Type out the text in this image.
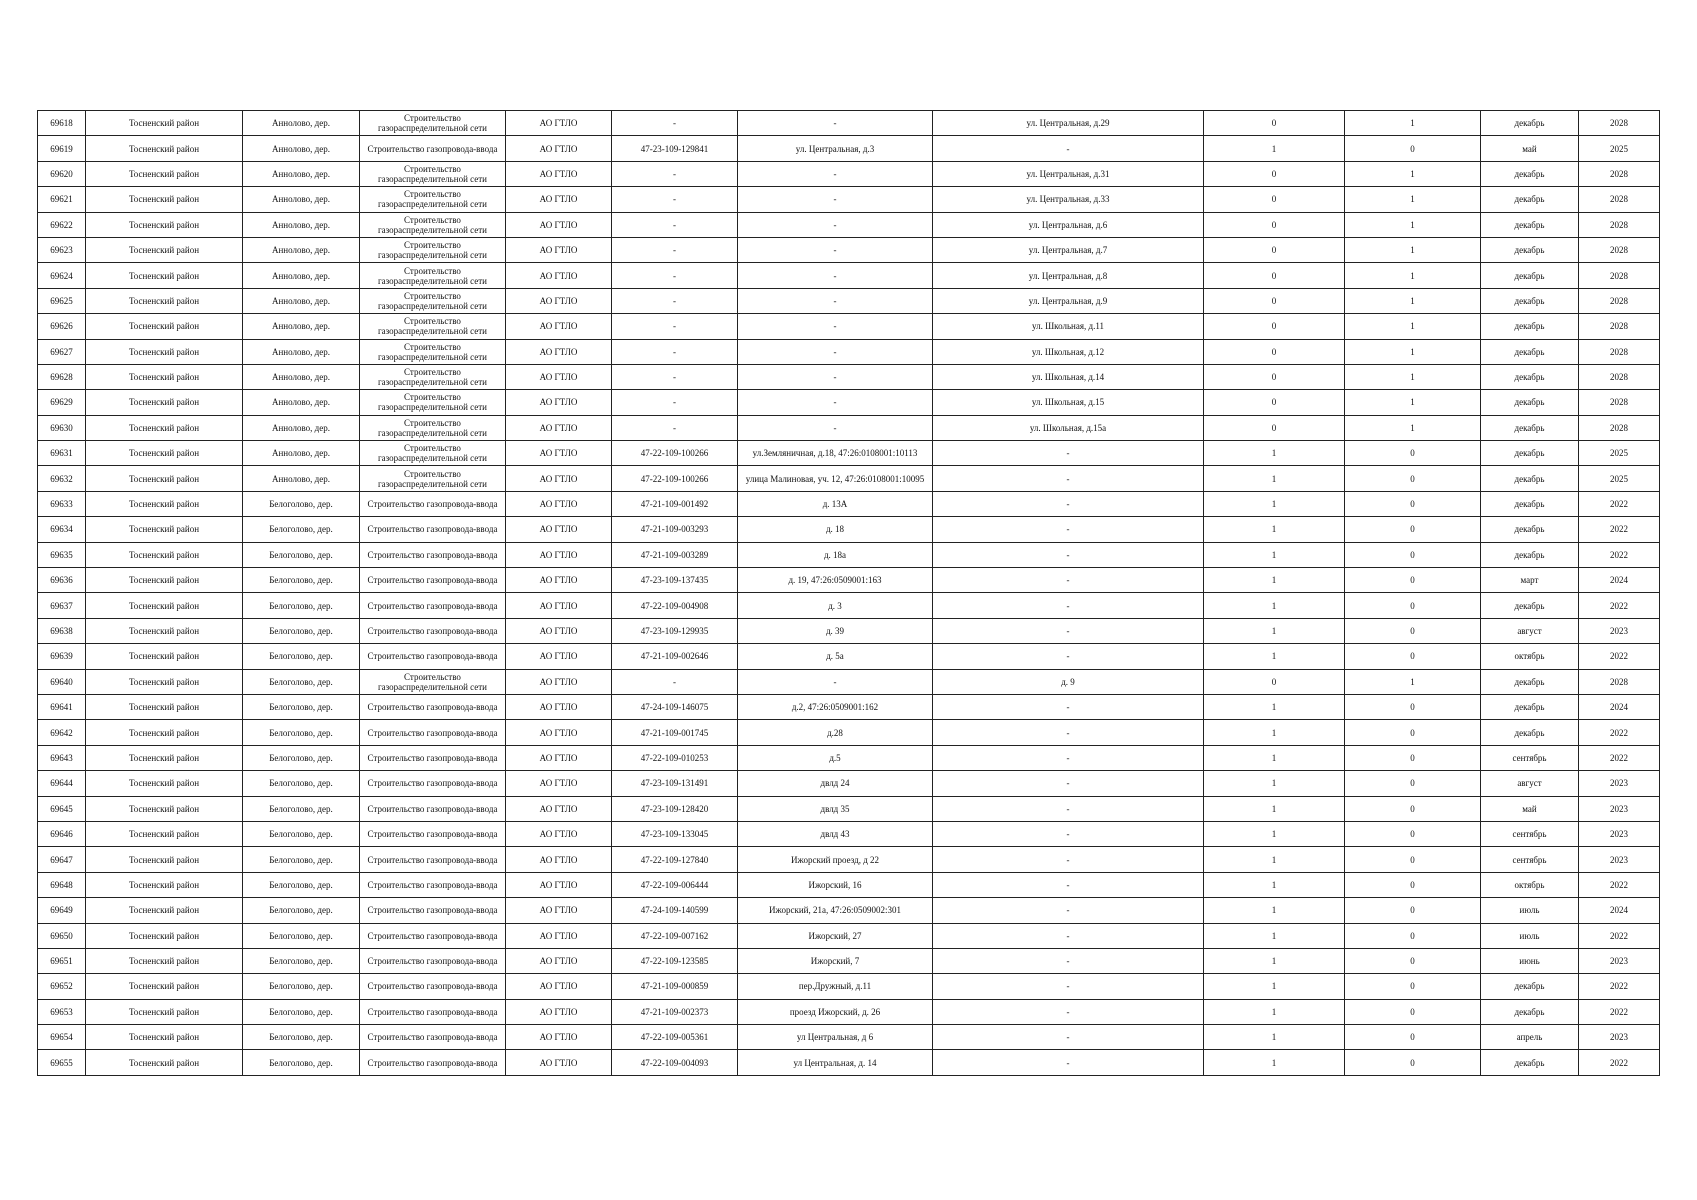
69618	Тосненский район	Аннолово, дер.	Строительство газораспределительной сети	АО ГТЛО	-	-	ул. Центральная, д.29	0	1	декабрь	2028
69619	Тосненский район	Аннолово, дер.	Строительство газопровода-ввода	АО ГТЛО	47-23-109-129841	ул. Центральная, д.3	-	1	0	май	2025
69620	Тосненский район	Аннолово, дер.	Строительство газораспределительной сети	АО ГТЛО	-	-	ул. Центральная, д.31	0	1	декабрь	2028
69621	Тосненский район	Аннолово, дер.	Строительство газораспределительной сети	АО ГТЛО	-	-	ул. Центральная, д.33	0	1	декабрь	2028
69622	Тосненский район	Аннолово, дер.	Строительство газораспределительной сети	АО ГТЛО	-	-	ул. Центральная, д.6	0	1	декабрь	2028
69623	Тосненский район	Аннолово, дер.	Строительство газораспределительной сети	АО ГТЛО	-	-	ул. Центральная, д.7	0	1	декабрь	2028
69624	Тосненский район	Аннолово, дер.	Строительство газораспределительной сети	АО ГТЛО	-	-	ул. Центральная, д.8	0	1	декабрь	2028
69625	Тосненский район	Аннолово, дер.	Строительство газораспределительной сети	АО ГТЛО	-	-	ул. Центральная, д.9	0	1	декабрь	2028
69626	Тосненский район	Аннолово, дер.	Строительство газораспределительной сети	АО ГТЛО	-	-	ул. Школьная, д.11	0	1	декабрь	2028
69627	Тосненский район	Аннолово, дер.	Строительство газораспределительной сети	АО ГТЛО	-	-	ул. Школьная, д.12	0	1	декабрь	2028
69628	Тосненский район	Аннолово, дер.	Строительство газораспределительной сети	АО ГТЛО	-	-	ул. Школьная, д.14	0	1	декабрь	2028
69629	Тосненский район	Аннолово, дер.	Строительство газораспределительной сети	АО ГТЛО	-	-	ул. Школьная, д.15	0	1	декабрь	2028
69630	Тосненский район	Аннолово, дер.	Строительство газораспределительной сети	АО ГТЛО	-	-	ул. Школьная, д.15а	0	1	декабрь	2028
69631	Тосненский район	Аннолово, дер.	Строительство газораспределительной сети	АО ГТЛО	47-22-109-100266	ул.Земляничная, д.18, 47:26:0108001:10113	-	1	0	декабрь	2025
69632	Тосненский район	Аннолово, дер.	Строительство газораспределительной сети	АО ГТЛО	47-22-109-100266	улица Малиновая, уч. 12, 47:26:0108001:10095	-	1	0	декабрь	2025
69633	Тосненский район	Белоголово, дер.	Строительство газопровода-ввода	АО ГТЛО	47-21-109-001492	д. 13А	-	1	0	декабрь	2022
69634	Тосненский район	Белоголово, дер.	Строительство газопровода-ввода	АО ГТЛО	47-21-109-003293	д. 18	-	1	0	декабрь	2022
69635	Тосненский район	Белоголово, дер.	Строительство газопровода-ввода	АО ГТЛО	47-21-109-003289	д. 18а	-	1	0	декабрь	2022
69636	Тосненский район	Белоголово, дер.	Строительство газопровода-ввода	АО ГТЛО	47-23-109-137435	д. 19, 47:26:0509001:163	-	1	0	март	2024
69637	Тосненский район	Белоголово, дер.	Строительство газопровода-ввода	АО ГТЛО	47-22-109-004908	д. 3	-	1	0	декабрь	2022
69638	Тосненский район	Белоголово, дер.	Строительство газопровода-ввода	АО ГТЛО	47-23-109-129935	д. 39	-	1	0	август	2023
69639	Тосненский район	Белоголово, дер.	Строительство газопровода-ввода	АО ГТЛО	47-21-109-002646	д. 5а	-	1	0	октябрь	2022
69640	Тосненский район	Белоголово, дер.	Строительство газораспределительной сети	АО ГТЛО	-	-	д. 9	0	1	декабрь	2028
69641	Тосненский район	Белоголово, дер.	Строительство газопровода-ввода	АО ГТЛО	47-24-109-146075	д.2, 47:26:0509001:162	-	1	0	декабрь	2024
69642	Тосненский район	Белоголово, дер.	Строительство газопровода-ввода	АО ГТЛО	47-21-109-001745	д.28	-	1	0	декабрь	2022
69643	Тосненский район	Белоголово, дер.	Строительство газопровода-ввода	АО ГТЛО	47-22-109-010253	д.5	-	1	0	сентябрь	2022
69644	Тосненский район	Белоголово, дер.	Строительство газопровода-ввода	АО ГТЛО	47-23-109-131491	двлд 24	-	1	0	август	2023
69645	Тосненский район	Белоголово, дер.	Строительство газопровода-ввода	АО ГТЛО	47-23-109-128420	двлд 35	-	1	0	май	2023
69646	Тосненский район	Белоголово, дер.	Строительство газопровода-ввода	АО ГТЛО	47-23-109-133045	двлд 43	-	1	0	сентябрь	2023
69647	Тосненский район	Белоголово, дер.	Строительство газопровода-ввода	АО ГТЛО	47-22-109-127840	Ижорский проезд, д 22	-	1	0	сентябрь	2023
69648	Тосненский район	Белоголово, дер.	Строительство газопровода-ввода	АО ГТЛО	47-22-109-006444	Ижорский, 16	-	1	0	октябрь	2022
69649	Тосненский район	Белоголово, дер.	Строительство газопровода-ввода	АО ГТЛО	47-24-109-140599	Ижорский, 21а, 47:26:0509002:301	-	1	0	июль	2024
69650	Тосненский район	Белоголово, дер.	Строительство газопровода-ввода	АО ГТЛО	47-22-109-007162	Ижорский, 27	-	1	0	июль	2022
69651	Тосненский район	Белоголово, дер.	Строительство газопровода-ввода	АО ГТЛО	47-22-109-123585	Ижорский, 7	-	1	0	июнь	2023
69652	Тосненский район	Белоголово, дер.	Строительство газопровода-ввода	АО ГТЛО	47-21-109-000859	пер.Дружный, д.11	-	1	0	декабрь	2022
69653	Тосненский район	Белоголово, дер.	Строительство газопровода-ввода	АО ГТЛО	47-21-109-002373	проезд Ижорский, д. 26	-	1	0	декабрь	2022
69654	Тосненский район	Белоголово, дер.	Строительство газопровода-ввода	АО ГТЛО	47-22-109-005361	ул Центральная, д 6	-	1	0	апрель	2023
69655	Тосненский район	Белоголово, дер.	Строительство газопровода-ввода	АО ГТЛО	47-22-109-004093	ул Центральная, д. 14	-	1	0	декабрь	2022
